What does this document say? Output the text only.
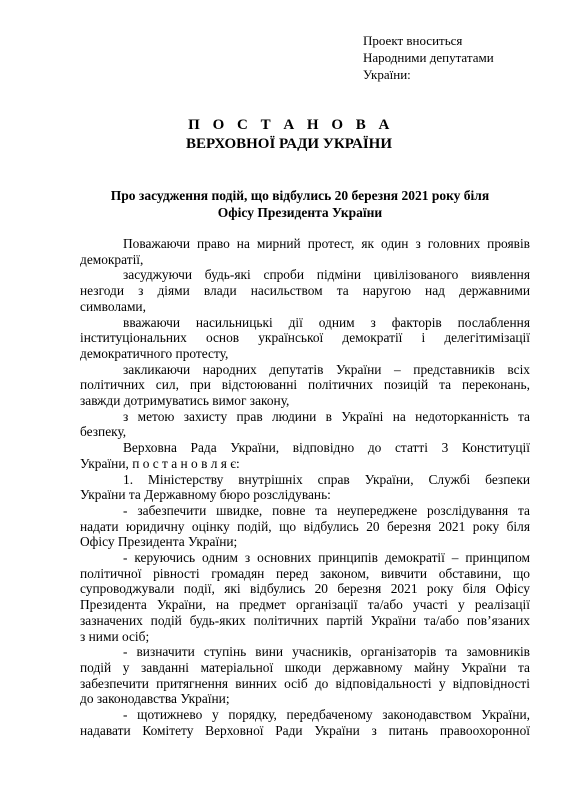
Проект вноситься
Народними депутатами
України:
П О С Т А Н О В А
ВЕРХОВНОЇ РАДИ УКРАЇНИ
Про засудження подій, що відбулись 20 березня 2021 року біля
Офісу Президента України
Поважаючи право на мирний протест, як один з головних проявів
демократії,
засуджуючи будь-які спроби підміни цивілізованого виявлення
незгоди з діями влади насильством та наругою над державними
символами,
вважаючи насильницькі дії одним з факторів послаблення
інституціональних основ української демократії і делегітимізації
демократичного протесту,
закликаючи народних депутатів України – представників всіх
політичних сил, при відстоюванні політичних позицій та переконань,
завжди дотримуватись вимог закону,
з метою захисту прав людини в Україні на недоторканність та
безпеку,
Верховна Рада України, відповідно до статті 3 Конституції
України, п о с т а н о в л я є:
1. Міністерству внутрішніх справ України, Службі безпеки
України та Державному бюро розслідувань:
- забезпечити швидке, повне та неупереджене розслідування та
надати юридичну оцінку подій, що відбулись 20 березня 2021 року біля
Офісу Президента України;
- керуючись одним з основних принципів демократії – принципом
політичної рівності громадян перед законом, вивчити обставини, що
супроводжували події, які відбулись 20 березня 2021 року біля Офісу
Президента України, на предмет організації та/або участі у реалізації
зазначених подій будь-яких політичних партій України та/або пов’язаних
з ними осіб;
- визначити ступінь вини учасників, організаторів та замовників
подій у завданні матеріальної шкоди державному майну України та
забезпечити притягнення винних осіб до відповідальності у відповідності
до законодавства України;
- щотижнево у порядку, передбаченому законодавством України,
надавати Комітету Верховної Ради України з питань правоохоронної
